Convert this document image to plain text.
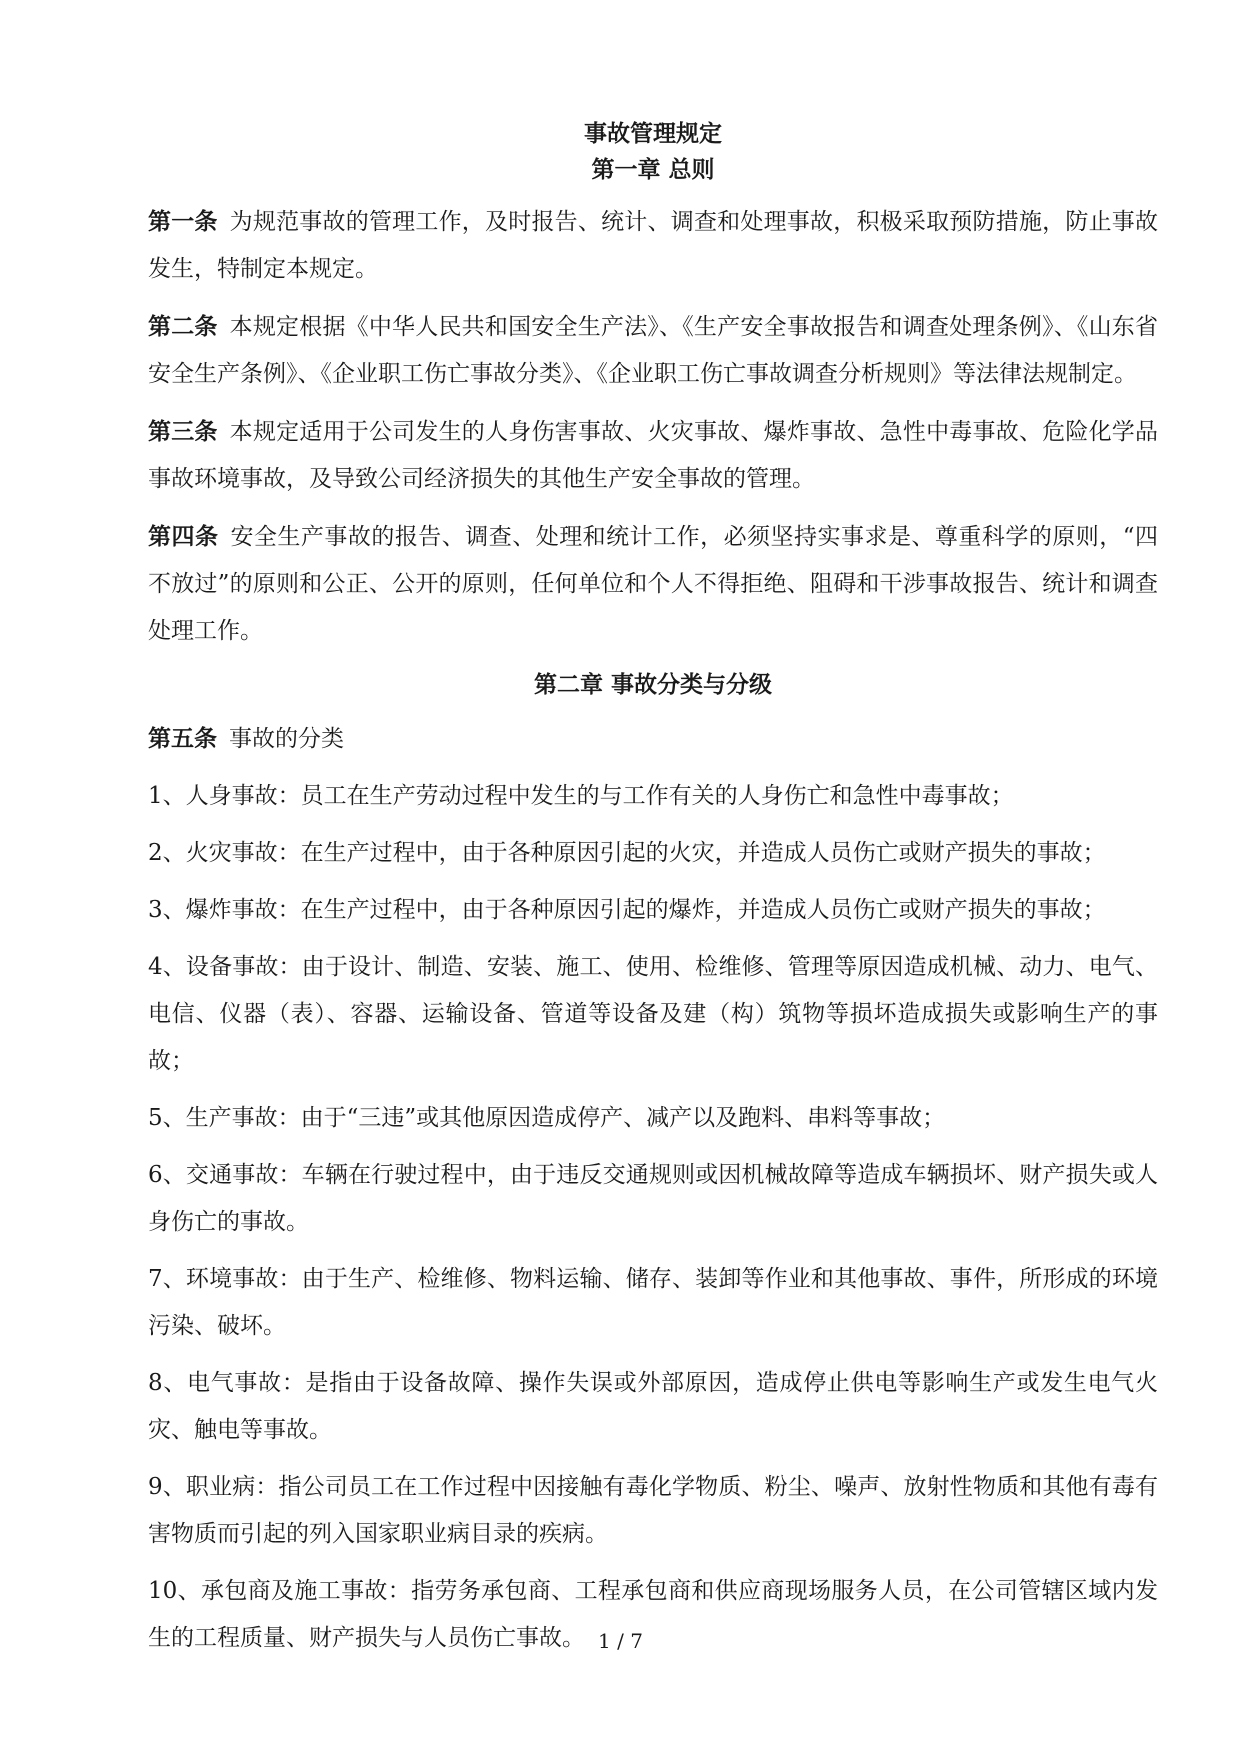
事故管理规定
第一章 总则

第一条 为规范事故的管理工作，及时报告、统计、调查和处理事故，积极采取预防措施，防止事故发生，特制定本规定。

第二条 本规定根据《中华人民共和国安全生产法》、《生产安全事故报告和调查处理条例》、《山东省安全生产条例》、《企业职工伤亡事故分类》、《企业职工伤亡事故调查分析规则》等法律法规制定。

第三条 本规定适用于公司发生的人身伤害事故、火灾事故、爆炸事故、急性中毒事故、危险化学品事故环境事故，及导致公司经济损失的其他生产安全事故的管理。

第四条 安全生产事故的报告、调查、处理和统计工作，必须坚持实事求是、尊重科学的原则，“四不放过”的原则和公正、公开的原则，任何单位和个人不得拒绝、阻碍和干涉事故报告、统计和调查处理工作。

第二章 事故分类与分级

第五条 事故的分类

1、人身事故：员工在生产劳动过程中发生的与工作有关的人身伤亡和急性中毒事故；

2、火灾事故：在生产过程中，由于各种原因引起的火灾，并造成人员伤亡或财产损失的事故；

3、爆炸事故：在生产过程中，由于各种原因引起的爆炸，并造成人员伤亡或财产损失的事故；

4、设备事故：由于设计、制造、安装、施工、使用、检维修、管理等原因造成机械、动力、电气、电信、仪器（表）、容器、运输设备、管道等设备及建（构）筑物等损坏造成损失或影响生产的事故；

5、生产事故：由于“三违”或其他原因造成停产、减产以及跑料、串料等事故；

6、交通事故：车辆在行驶过程中，由于违反交通规则或因机械故障等造成车辆损坏、财产损失或人身伤亡的事故。

7、环境事故：由于生产、检维修、物料运输、储存、装卸等作业和其他事故、事件，所形成的环境污染、破坏。

8、电气事故：是指由于设备故障、操作失误或外部原因，造成停止供电等影响生产或发生电气火灾、触电等事故。

9、职业病：指公司员工在工作过程中因接触有毒化学物质、粉尘、噪声、放射性物质和其他有毒有害物质而引起的列入国家职业病目录的疾病。

10、承包商及施工事故：指劳务承包商、工程承包商和供应商现场服务人员，在公司管辖区域内发生的工程质量、财产损失与人员伤亡事故。 1 / 7
